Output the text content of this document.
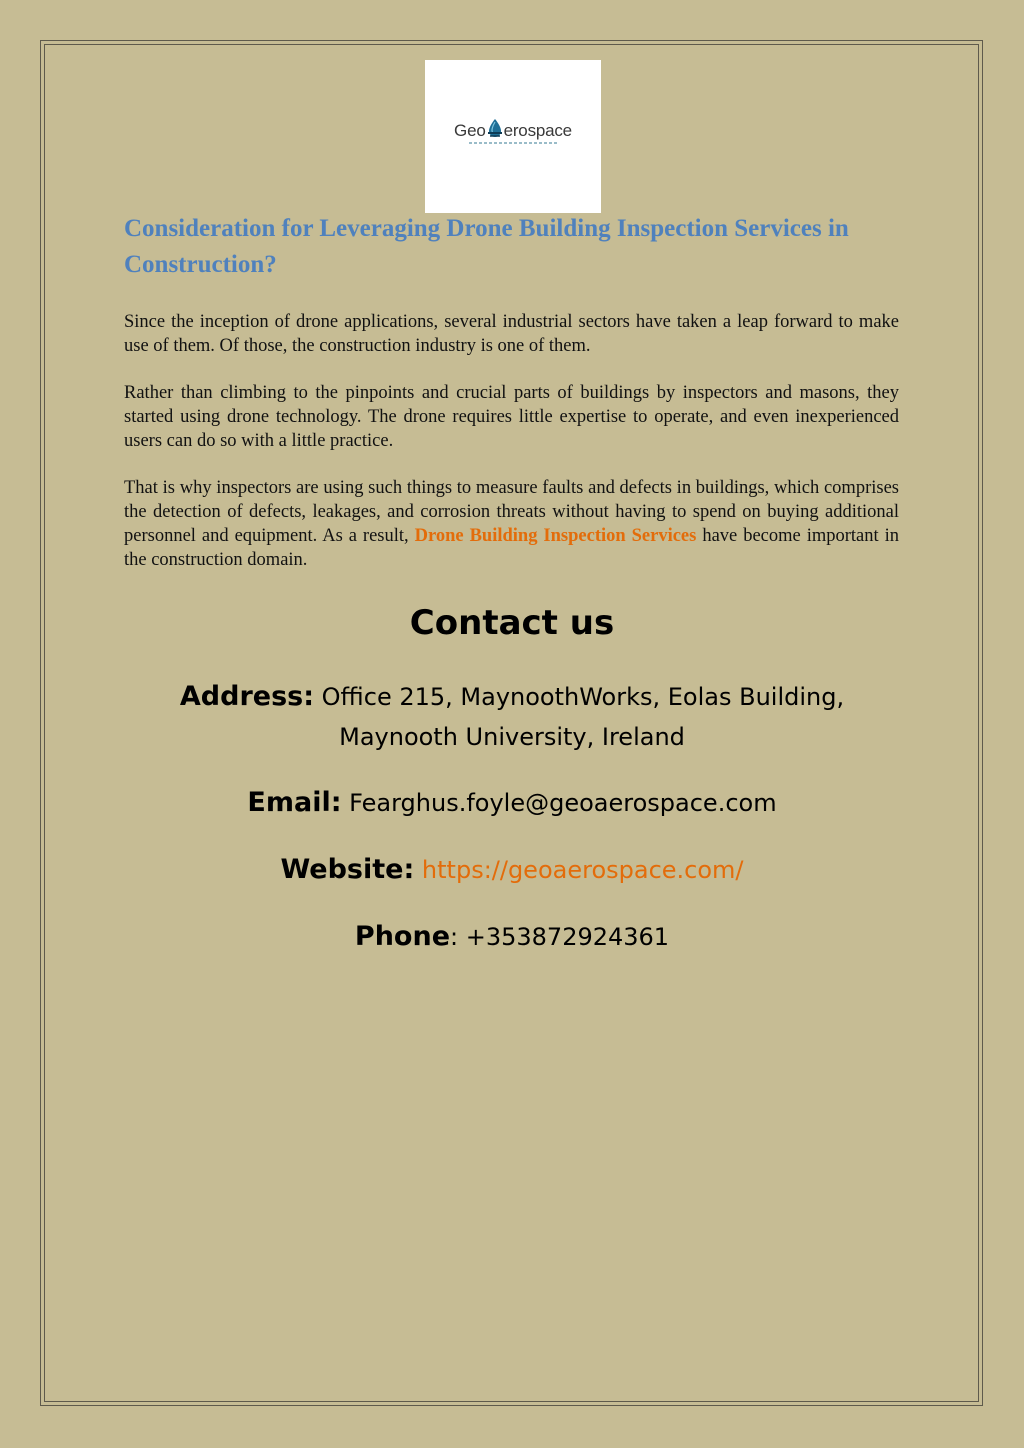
Geo erospace
Consideration for Leveraging Drone Building Inspection Services in Construction?

Since the inception of drone applications, several industrial sectors have taken a leap forward to make use of them. Of those, the construction industry is one of them.

Rather than climbing to the pinpoints and crucial parts of buildings by inspectors and masons, they started using drone technology. The drone requires little expertise to operate, and even inexperienced users can do so with a little practice.

That is why inspectors are using such things to measure faults and defects in buildings, which comprises the detection of defects, leakages, and corrosion threats without having to spend on buying additional personnel and equipment. As a result, Drone Building Inspection Services have become important in the construction domain.

Contact us

Address: Office 215, MaynoothWorks, Eolas Building, Maynooth University, Ireland

Email: Fearghus.foyle@geoaerospace.com

Website: https://geoaerospace.com/

Phone: +353872924361
